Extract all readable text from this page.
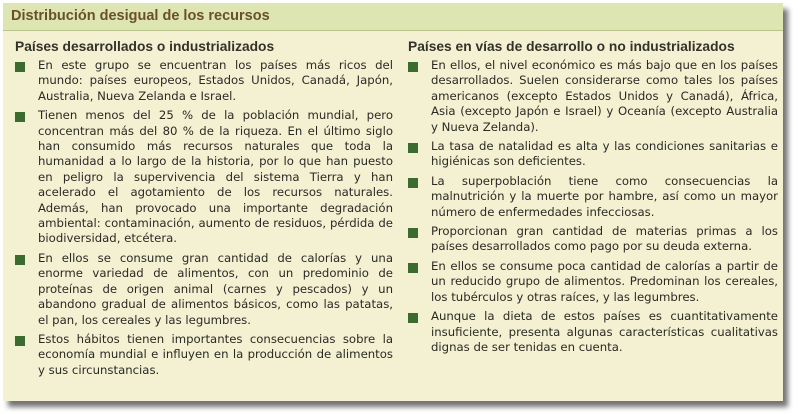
Distribución desigual de los recursos
Países desarrollados o industrializados
En este grupo se encuentran los países más ricos del mundo: países europeos, Estados Unidos, Canadá, Japón, Australia, Nueva Zelanda e Israel.
Tienen menos del 25 % de la población mundial, pero concentran más del 80 % de la riqueza. En el último siglo han consumido más recursos naturales que toda la humanidad a lo largo de la historia, por lo que han puesto en peligro la supervivencia del sistema Tierra y han acelerado el agotamiento de los recursos naturales. Además, han provocado una importante degradación ambiental: contaminación, aumento de residuos, pérdida de biodiversidad, etcétera.
En ellos se consume gran cantidad de calorías y una enorme variedad de alimentos, con un predominio de proteínas de origen animal (carnes y pescados) y un abandono gradual de alimentos básicos, como las patatas, el pan, los cereales y las legumbres.
Estos hábitos tienen importantes consecuencias sobre la economía mundial e influyen en la producción de alimentos y sus circunstancias.
Países en vías de desarrollo o no industrializados
En ellos, el nivel económico es más bajo que en los países desarrollados. Suelen considerarse como tales los países americanos (excepto Estados Unidos y Canadá), África, Asia (excepto Japón e Israel) y Oceanía (excepto Australia y Nueva Zelanda).
La tasa de natalidad es alta y las condiciones sanitarias e higiénicas son deficientes.
La superpoblación tiene como consecuencias la malnutrición y la muerte por hambre, así como un mayor número de enfermedades infecciosas.
Proporcionan gran cantidad de materias primas a los países desarrollados como pago por su deuda externa.
En ellos se consume poca cantidad de calorías a partir de un reducido grupo de alimentos. Predominan los cereales, los tubérculos y otras raíces, y las legumbres.
Aunque la dieta de estos países es cuantitativamente insuficiente, presenta algunas características cualitativas dignas de ser tenidas en cuenta.
